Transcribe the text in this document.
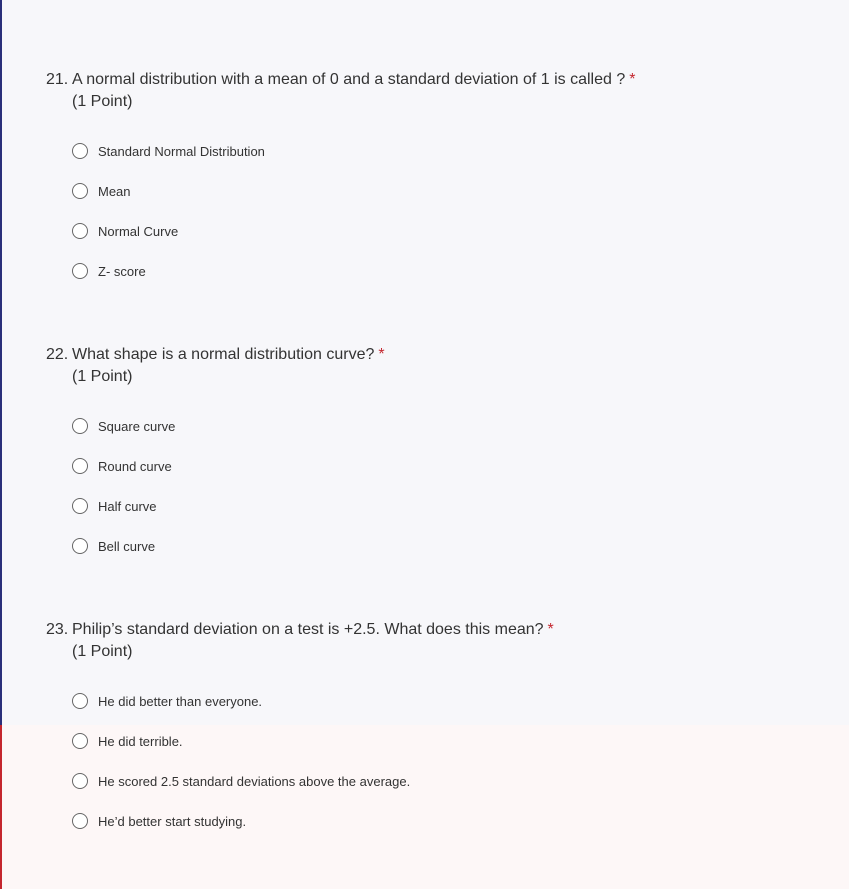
21. A normal distribution with a mean of 0 and a standard deviation of 1 is called ? *
(1 Point)
Standard Normal Distribution
Mean
Normal Curve
Z- score
22. What shape is a normal distribution curve? *
(1 Point)
Square curve
Round curve
Half curve
Bell curve
23. Philip’s standard deviation on a test is +2.5. What does this mean? *
(1 Point)
He did better than everyone.
He did terrible.
He scored 2.5 standard deviations above the average.
He’d better start studying.
